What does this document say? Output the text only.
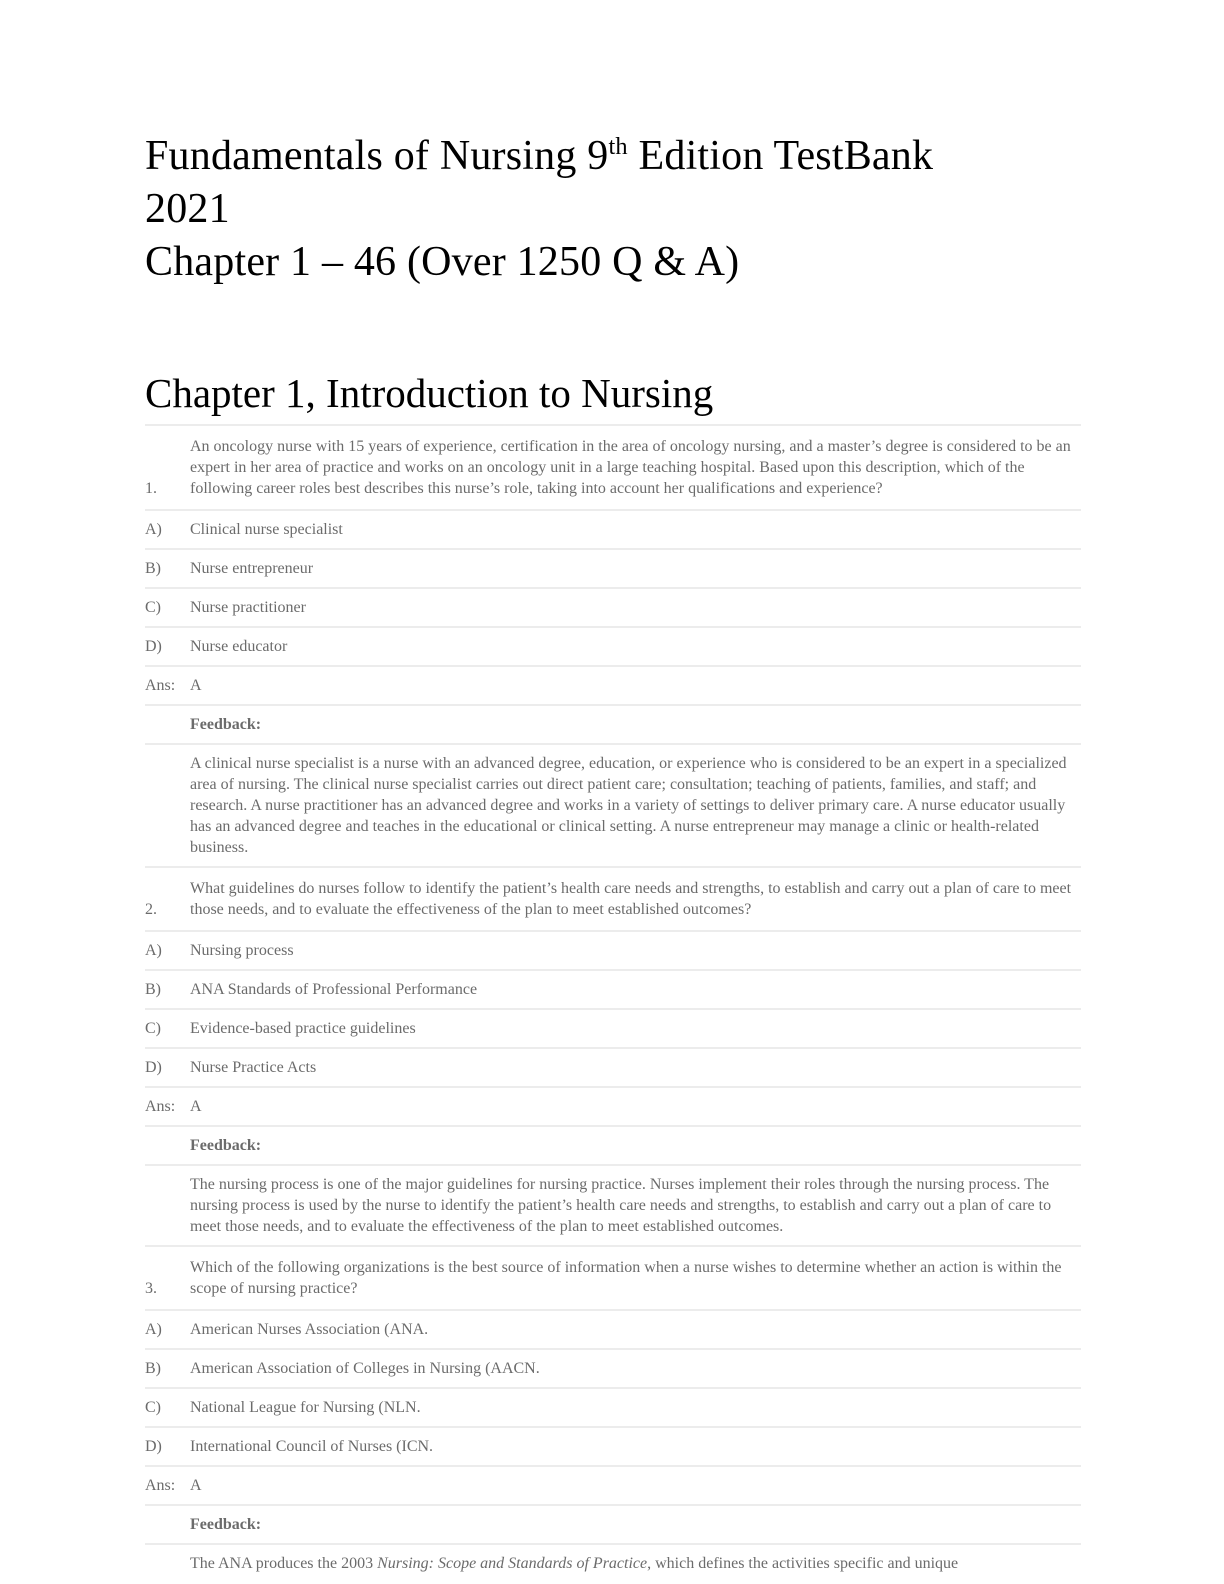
Fundamentals of Nursing 9th Edition TestBank 2021
Chapter 1 – 46 (Over 1250 Q & A)
Chapter 1, Introduction to Nursing
1.
An oncology nurse with 15 years of experience, certification in the area of oncology nursing, and a master’s degree is considered to be an expert in her area of practice and works on an oncology unit in a large teaching hospital. Based upon this description, which of the following career roles best describes this nurse’s role, taking into account her qualifications and experience?
A)	Clinical nurse specialist
B)	Nurse entrepreneur
C)	Nurse practitioner
D)	Nurse educator
Ans: A
Feedback:
A clinical nurse specialist is a nurse with an advanced degree, education, or experience who is considered to be an expert in a specialized area of nursing. The clinical nurse specialist carries out direct patient care; consultation; teaching of patients, families, and staff; and research. A nurse practitioner has an advanced degree and works in a variety of settings to deliver primary care. A nurse educator usually has an advanced degree and teaches in the educational or clinical setting. A nurse entrepreneur may manage a clinic or health-related business.
2.
What guidelines do nurses follow to identify the patient’s health care needs and strengths, to establish and carry out a plan of care to meet those needs, and to evaluate the effectiveness of the plan to meet established outcomes?
A)	Nursing process
B)	ANA Standards of Professional Performance
C)	Evidence-based practice guidelines
D)	Nurse Practice Acts
Ans: A
Feedback:
The nursing process is one of the major guidelines for nursing practice. Nurses implement their roles through the nursing process. The nursing process is used by the nurse to identify the patient’s health care needs and strengths, to establish and carry out a plan of care to meet those needs, and to evaluate the effectiveness of the plan to meet established outcomes.
3.
Which of the following organizations is the best source of information when a nurse wishes to determine whether an action is within the scope of nursing practice?
A)	American Nurses Association (ANA.
B)	American Association of Colleges in Nursing (AACN.
C)	National League for Nursing (NLN.
D)	International Council of Nurses (ICN.
Ans: A
Feedback:
The ANA produces the 2003 Nursing: Scope and Standards of Practice, which defines the activities specific and unique
